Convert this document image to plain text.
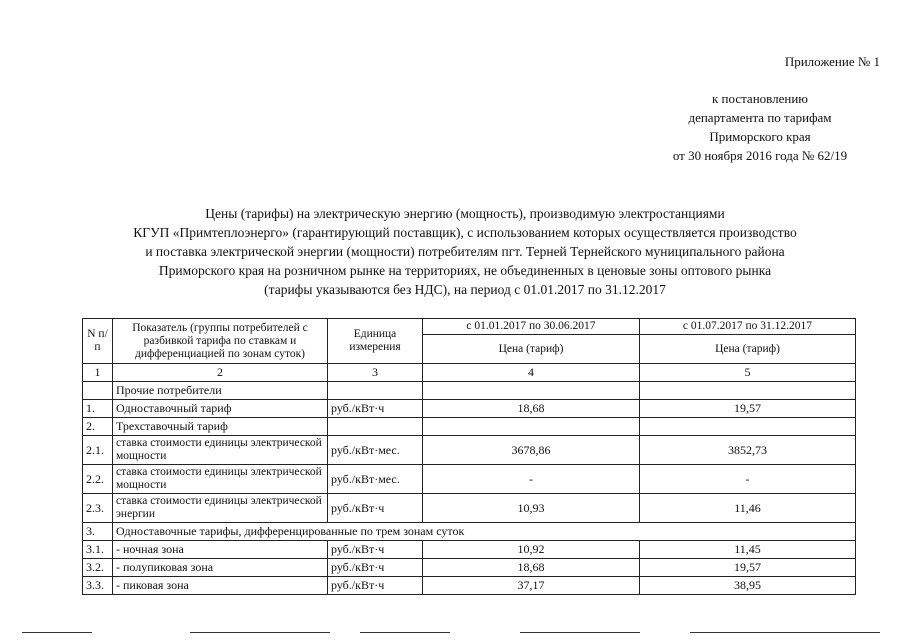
Приложение № 1
к постановлению
департамента по тарифам
Приморского края
от 30 ноября 2016 года № 62/19
Цены (тарифы) на электрическую энергию (мощность), производимую электростанциями
КГУП «Примтеплоэнерго» (гарантирующий поставщик), с использованием которых осуществляется производство
и поставка электрической энергии (мощности) потребителям пгт. Терней Тернейского муниципального района
Приморского края на розничном рынке на территориях, не объединенных в ценовые зоны оптового рынка
(тарифы указываются без НДС), на период с 01.01.2017 по 31.12.2017
N п/п	Показатель (группы потребителей с разбивкой тарифа по ставкам и дифференциацией по зонам суток)	Единица измерения	с 01.01.2017 по 30.06.2017	с 01.07.2017 по 31.12.2017
			Цена (тариф)	Цена (тариф)
1	2	3	4	5
	Прочие потребители			
1.	Одноставочный тариф	руб./кВт·ч	18,68	19,57
2.	Трехставочный тариф			
2.1.	ставка стоимости единицы электрической мощности	руб./кВт·мес.	3678,86	3852,73
2.2.	ставка стоимости единицы электрической мощности	руб./кВт·мес.	-	-
2.3.	ставка стоимости единицы электрической энергии	руб./кВт·ч	10,93	11,46
3.	Одноставочные тарифы, дифференцированные по трем зонам суток			
3.1.	- ночная зона	руб./кВт·ч	10,92	11,45
3.2.	- полупиковая зона	руб./кВт·ч	18,68	19,57
3.3.	- пиковая зона	руб./кВт·ч	37,17	38,95
